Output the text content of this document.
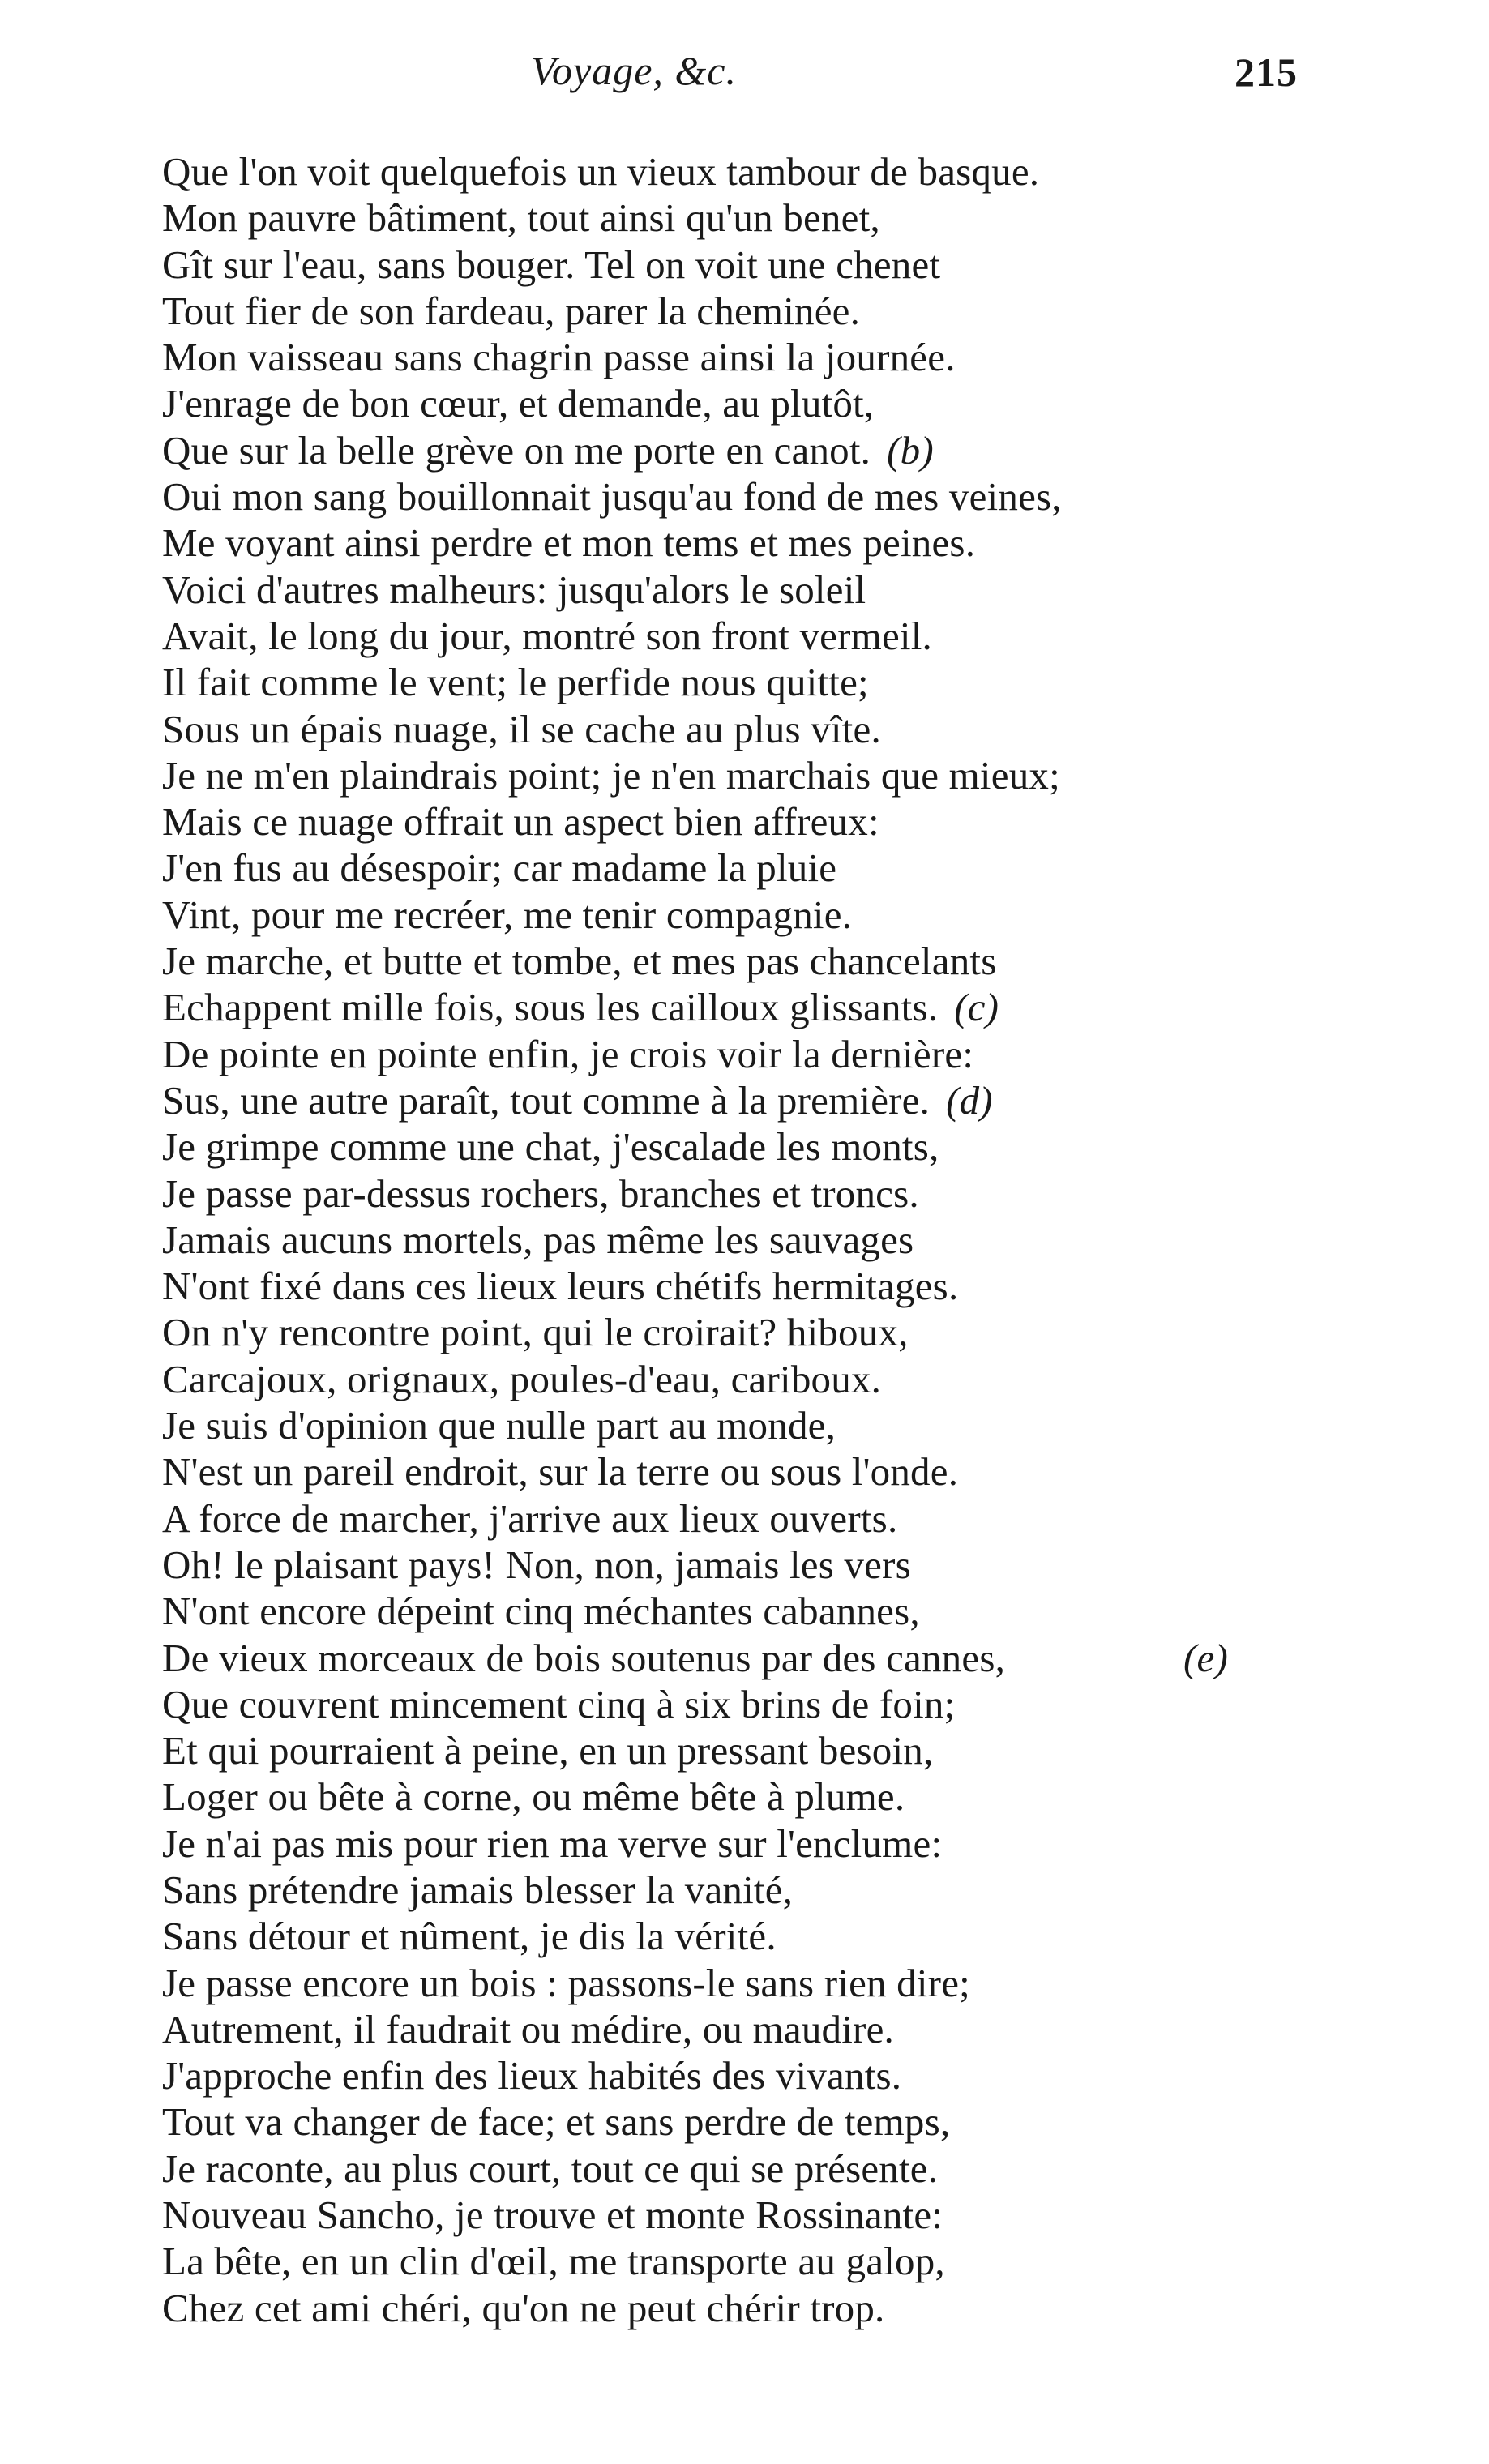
Voyage, &c.	215
Que l'on voit quelquefois un vieux tambour de basque.
Mon pauvre bâtiment, tout ainsi qu'un benet,
Gît sur l'eau, sans bouger. Tel on voit une chenet
Tout fier de son fardeau, parer la cheminée.
Mon vaisseau sans chagrin passe ainsi la journée.
J'enrage de bon cœur, et demande, au plutôt,
Que sur la belle grève on me porte en canot. (b)
Oui mon sang bouillonnait jusqu'au fond de mes veines,
Me voyant ainsi perdre et mon tems et mes peines.
Voici d'autres malheurs: jusqu'alors le soleil
Avait, le long du jour, montré son front vermeil.
Il fait comme le vent; le perfide nous quitte;
Sous un épais nuage, il se cache au plus vîte.
Je ne m'en plaindrais point; je n'en marchais que mieux;
Mais ce nuage offrait un aspect bien affreux:
J'en fus au désespoir; car madame la pluie
Vint, pour me recréer, me tenir compagnie.
Je marche, et butte et tombe, et mes pas chancelants
Echappent mille fois, sous les cailloux glissants. (c)
De pointe en pointe enfin, je crois voir la dernière:
Sus, une autre paraît, tout comme à la première. (d)
Je grimpe comme une chat, j'escalade les monts,
Je passe par-dessus rochers, branches et troncs.
Jamais aucuns mortels, pas même les sauvages
N'ont fixé dans ces lieux leurs chétifs hermitages.
On n'y rencontre point, qui le croirait? hiboux,
Carcajoux, orignaux, poules-d'eau, cariboux.
Je suis d'opinion que nulle part au monde,
N'est un pareil endroit, sur la terre ou sous l'onde.
A force de marcher, j'arrive aux lieux ouverts.
Oh! le plaisant pays! Non, non, jamais les vers
N'ont encore dépeint cinq méchantes cabannes,
De vieux morceaux de bois soutenus par des cannes,	(e)
Que couvrent mincement cinq à six brins de foin;
Et qui pourraient à peine, en un pressant besoin,
Loger ou bête à corne, ou même bête à plume.
Je n'ai pas mis pour rien ma verve sur l'enclume:
Sans prétendre jamais blesser la vanité,
Sans détour et nûment, je dis la vérité.
Je passe encore un bois : passons-le sans rien dire;
Autrement, il faudrait ou médire, ou maudire.
J'approche enfin des lieux habités des vivants.
Tout va changer de face; et sans perdre de temps,
Je raconte, au plus court, tout ce qui se présente.
Nouveau Sancho, je trouve et monte Rossinante:
La bête, en un clin d'œil, me transporte au galop,
Chez cet ami chéri, qu'on ne peut chérir trop.
